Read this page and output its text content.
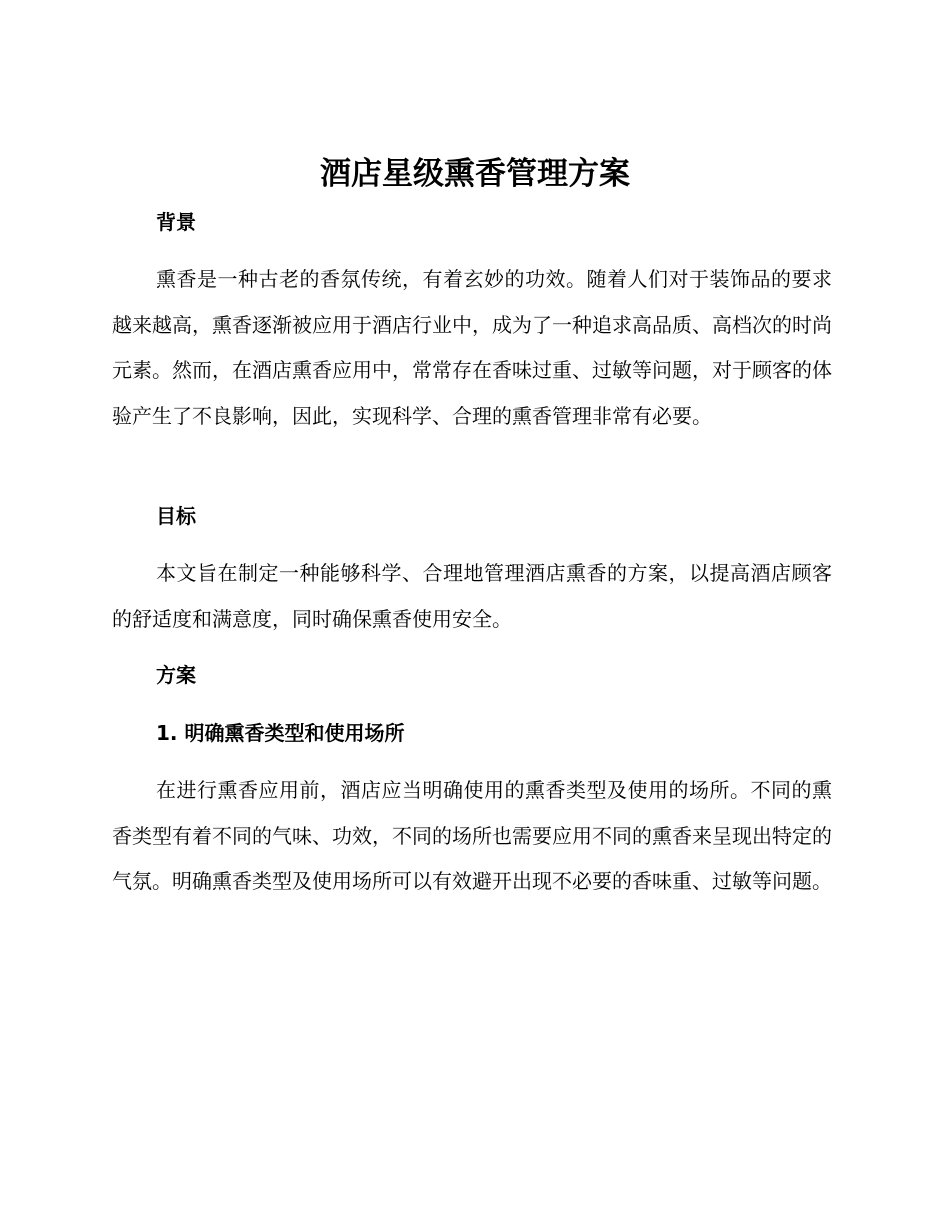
酒店星级熏香管理方案
背景

熏香是一种古老的香氛传统，有着玄妙的功效。随着人们对于装饰品的要求越来越高，熏香逐渐被应用于酒店行业中，成为了一种追求高品质、高档次的时尚元素。然而，在酒店熏香应用中，常常存在香味过重、过敏等问题，对于顾客的体验产生了不良影响，因此，实现科学、合理的熏香管理非常有必要。

目标

本文旨在制定一种能够科学、合理地管理酒店熏香的方案，以提高酒店顾客的舒适度和满意度，同时确保熏香使用安全。

方案
1. 明确熏香类型和使用场所

在进行熏香应用前，酒店应当明确使用的熏香类型及使用的场所。不同的熏香类型有着不同的气味、功效，不同的场所也需要应用不同的熏香来呈现出特定的气氛。明确熏香类型及使用场所可以有效避开出现不必要的香味重、过敏等问题。
